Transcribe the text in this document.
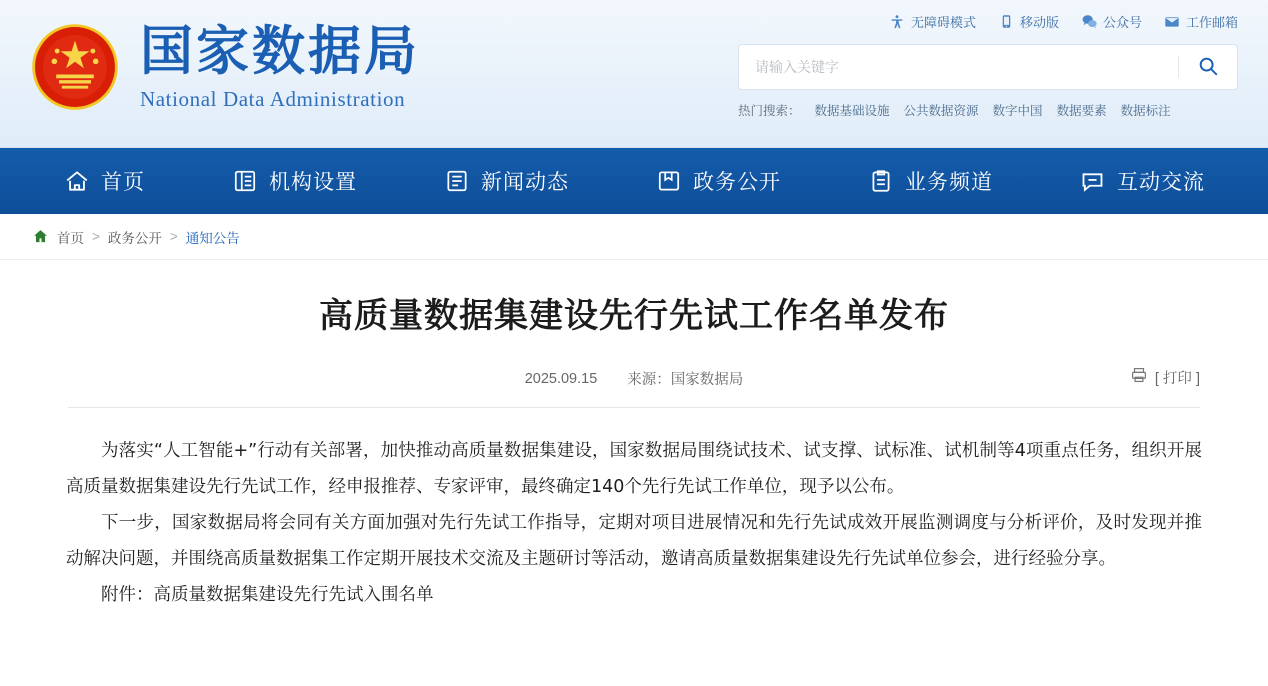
国家数据局
National Data Administration
无障碍模式	移动版	公众号	工作邮箱
请输入关键字
热门搜索： 数据基础设施 公共数据资源 数字中国 数据要素 数据标注
首页	机构设置	新闻动态	政务公开	业务频道	互动交流
首页 > 政务公开 > 通知公告
高质量数据集建设先行先试工作名单发布
2025.09.15 来源：国家数据局	[ 打印 ]

为落实“人工智能+”行动有关部署，加快推动高质量数据集建设，国家数据局围绕试技术、试支撑、试标准、试机制等4项重点任务，组织开展高质量数据集建设先行先试工作，经申报推荐、专家评审，最终确定140个先行先试工作单位，现予以公布。

下一步，国家数据局将会同有关方面加强对先行先试工作指导，定期对项目进展情况和先行先试成效开展监测调度与分析评价，及时发现并推动解决问题，并围绕高质量数据集工作定期开展技术交流及主题研讨等活动，邀请高质量数据集建设先行先试单位参会，进行经验分享。

附件：高质量数据集建设先行先试入围名单
